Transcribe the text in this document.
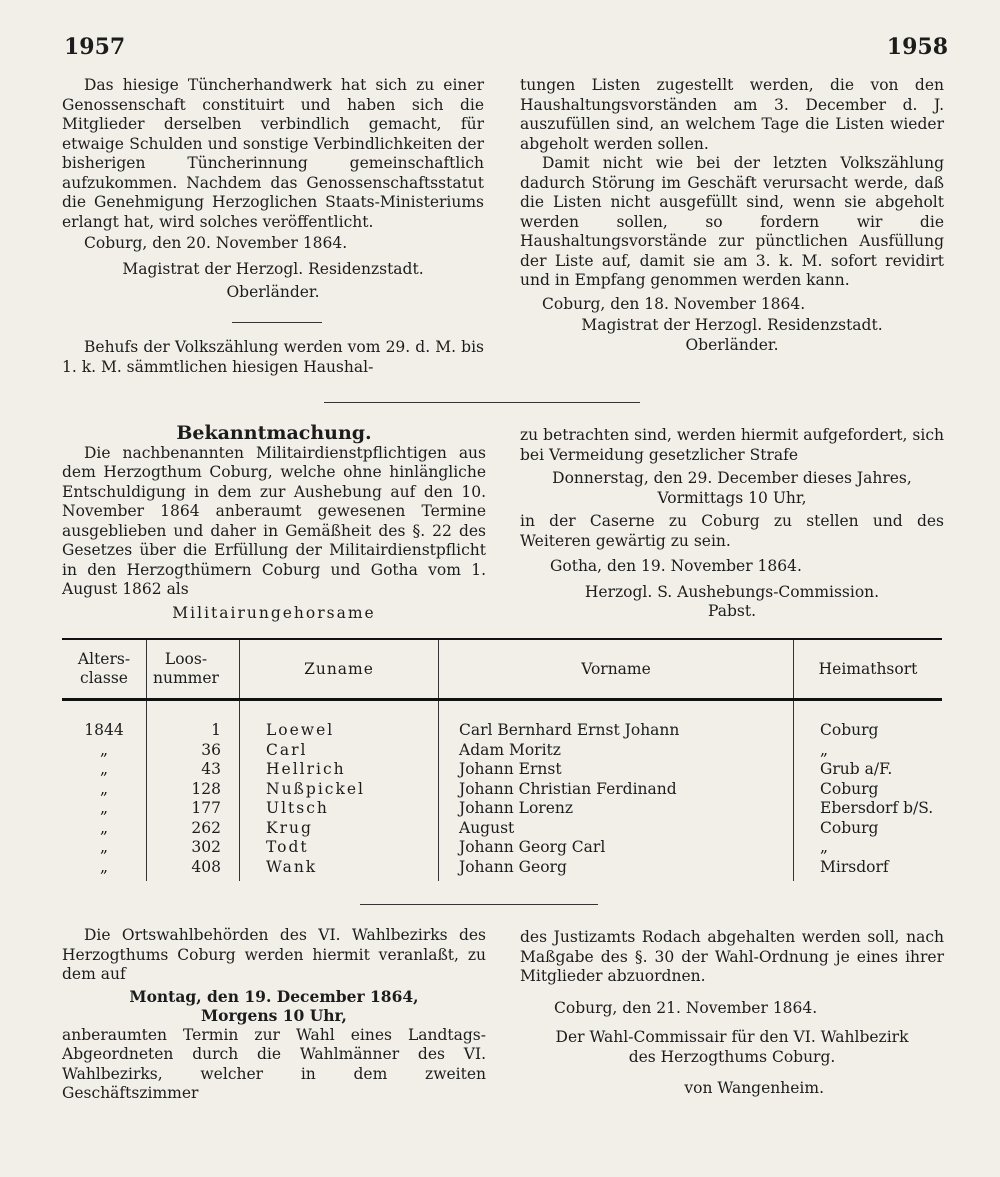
1957	1958

Das hiesige Tüncherhandwerk hat sich zu einer Genossenschaft constituirt und haben sich die Mitglieder derselben verbindlich gemacht, für etwaige Schulden und sonstige Verbindlichkeiten der bisherigen Tüncherinnung gemeinschaftlich aufzukommen. Nachdem das Genossenschaftsstatut die Genehmigung Herzoglichen Staats-Ministeriums erlangt hat, wird solches veröffentlicht.

Coburg, den 20. November 1864.

Magistrat der Herzogl. Residenzstadt.

Oberländer.

Behufs der Volkszählung werden vom 29. d. M. bis 1. k. M. sämmtlichen hiesigen Haushal-

tungen Listen zugestellt werden, die von den Haushaltungsvorständen am 3. December d. J. auszufüllen sind, an welchem Tage die Listen wieder abgeholt werden sollen.

Damit nicht wie bei der letzten Volkszählung dadurch Störung im Geschäft verursacht werde, daß die Listen nicht ausgefüllt sind, wenn sie abgeholt werden sollen, so fordern wir die Haushaltungsvorstände zur pünctlichen Ausfüllung der Liste auf, damit sie am 3. k. M. sofort revidirt und in Empfang genommen werden kann.

Coburg, den 18. November 1864.

Magistrat der Herzogl. Residenzstadt.

Oberländer.

Bekanntmachung.

Die nachbenannten Militairdienstpflichtigen aus dem Herzogthum Coburg, welche ohne hinlängliche Entschuldigung in dem zur Aushebung auf den 10. November 1864 anberaumt gewesenen Termine ausgeblieben und daher in Gemäßheit des §. 22 des Gesetzes über die Erfüllung der Militairdienstpflicht in den Herzogthümern Coburg und Gotha vom 1. August 1862 als

Militairungehorsame

zu betrachten sind, werden hiermit aufgefordert, sich bei Vermeidung gesetzlicher Strafe

Donnerstag, den 29. December dieses Jahres,

Vormittags 10 Uhr,

in der Caserne zu Coburg zu stellen und des Weiteren gewärtig zu sein.

Gotha, den 19. November 1864.

Herzogl. S. Aushebungs-Commission.

Pabst.

Alters-classe	Loos-nummer	Zuname	Vorname	Heimathsort
1844	1	Loewel	Carl Bernhard Ernst Johann	Coburg
„	36	Carl	Adam Moritz	„
„	43	Hellrich	Johann Ernst	Grub a/F.
„	128	Nußpickel	Johann Christian Ferdinand	Coburg
„	177	Ultsch	Johann Lorenz	Ebersdorf b/S.
„	262	Krug	August	Coburg
„	302	Todt	Johann Georg Carl	„
„	408	Wank	Johann Georg	Mirsdorf

Die Ortswahlbehörden des VI. Wahlbezirks des Herzogthums Coburg werden hiermit veranlaßt, zu dem auf

Montag, den 19. December 1864,

Morgens 10 Uhr,

anberaumten Termin zur Wahl eines Landtags-Abgeordneten durch die Wahlmänner des VI. Wahlbezirks, welcher in dem zweiten Geschäftszimmer

des Justizamts Rodach abgehalten werden soll, nach Maßgabe des §. 30 der Wahl-Ordnung je eines ihrer Mitglieder abzuordnen.

Coburg, den 21. November 1864.

Der Wahl-Commissair für den VI. Wahlbezirk

des Herzogthums Coburg.

von Wangenheim.
